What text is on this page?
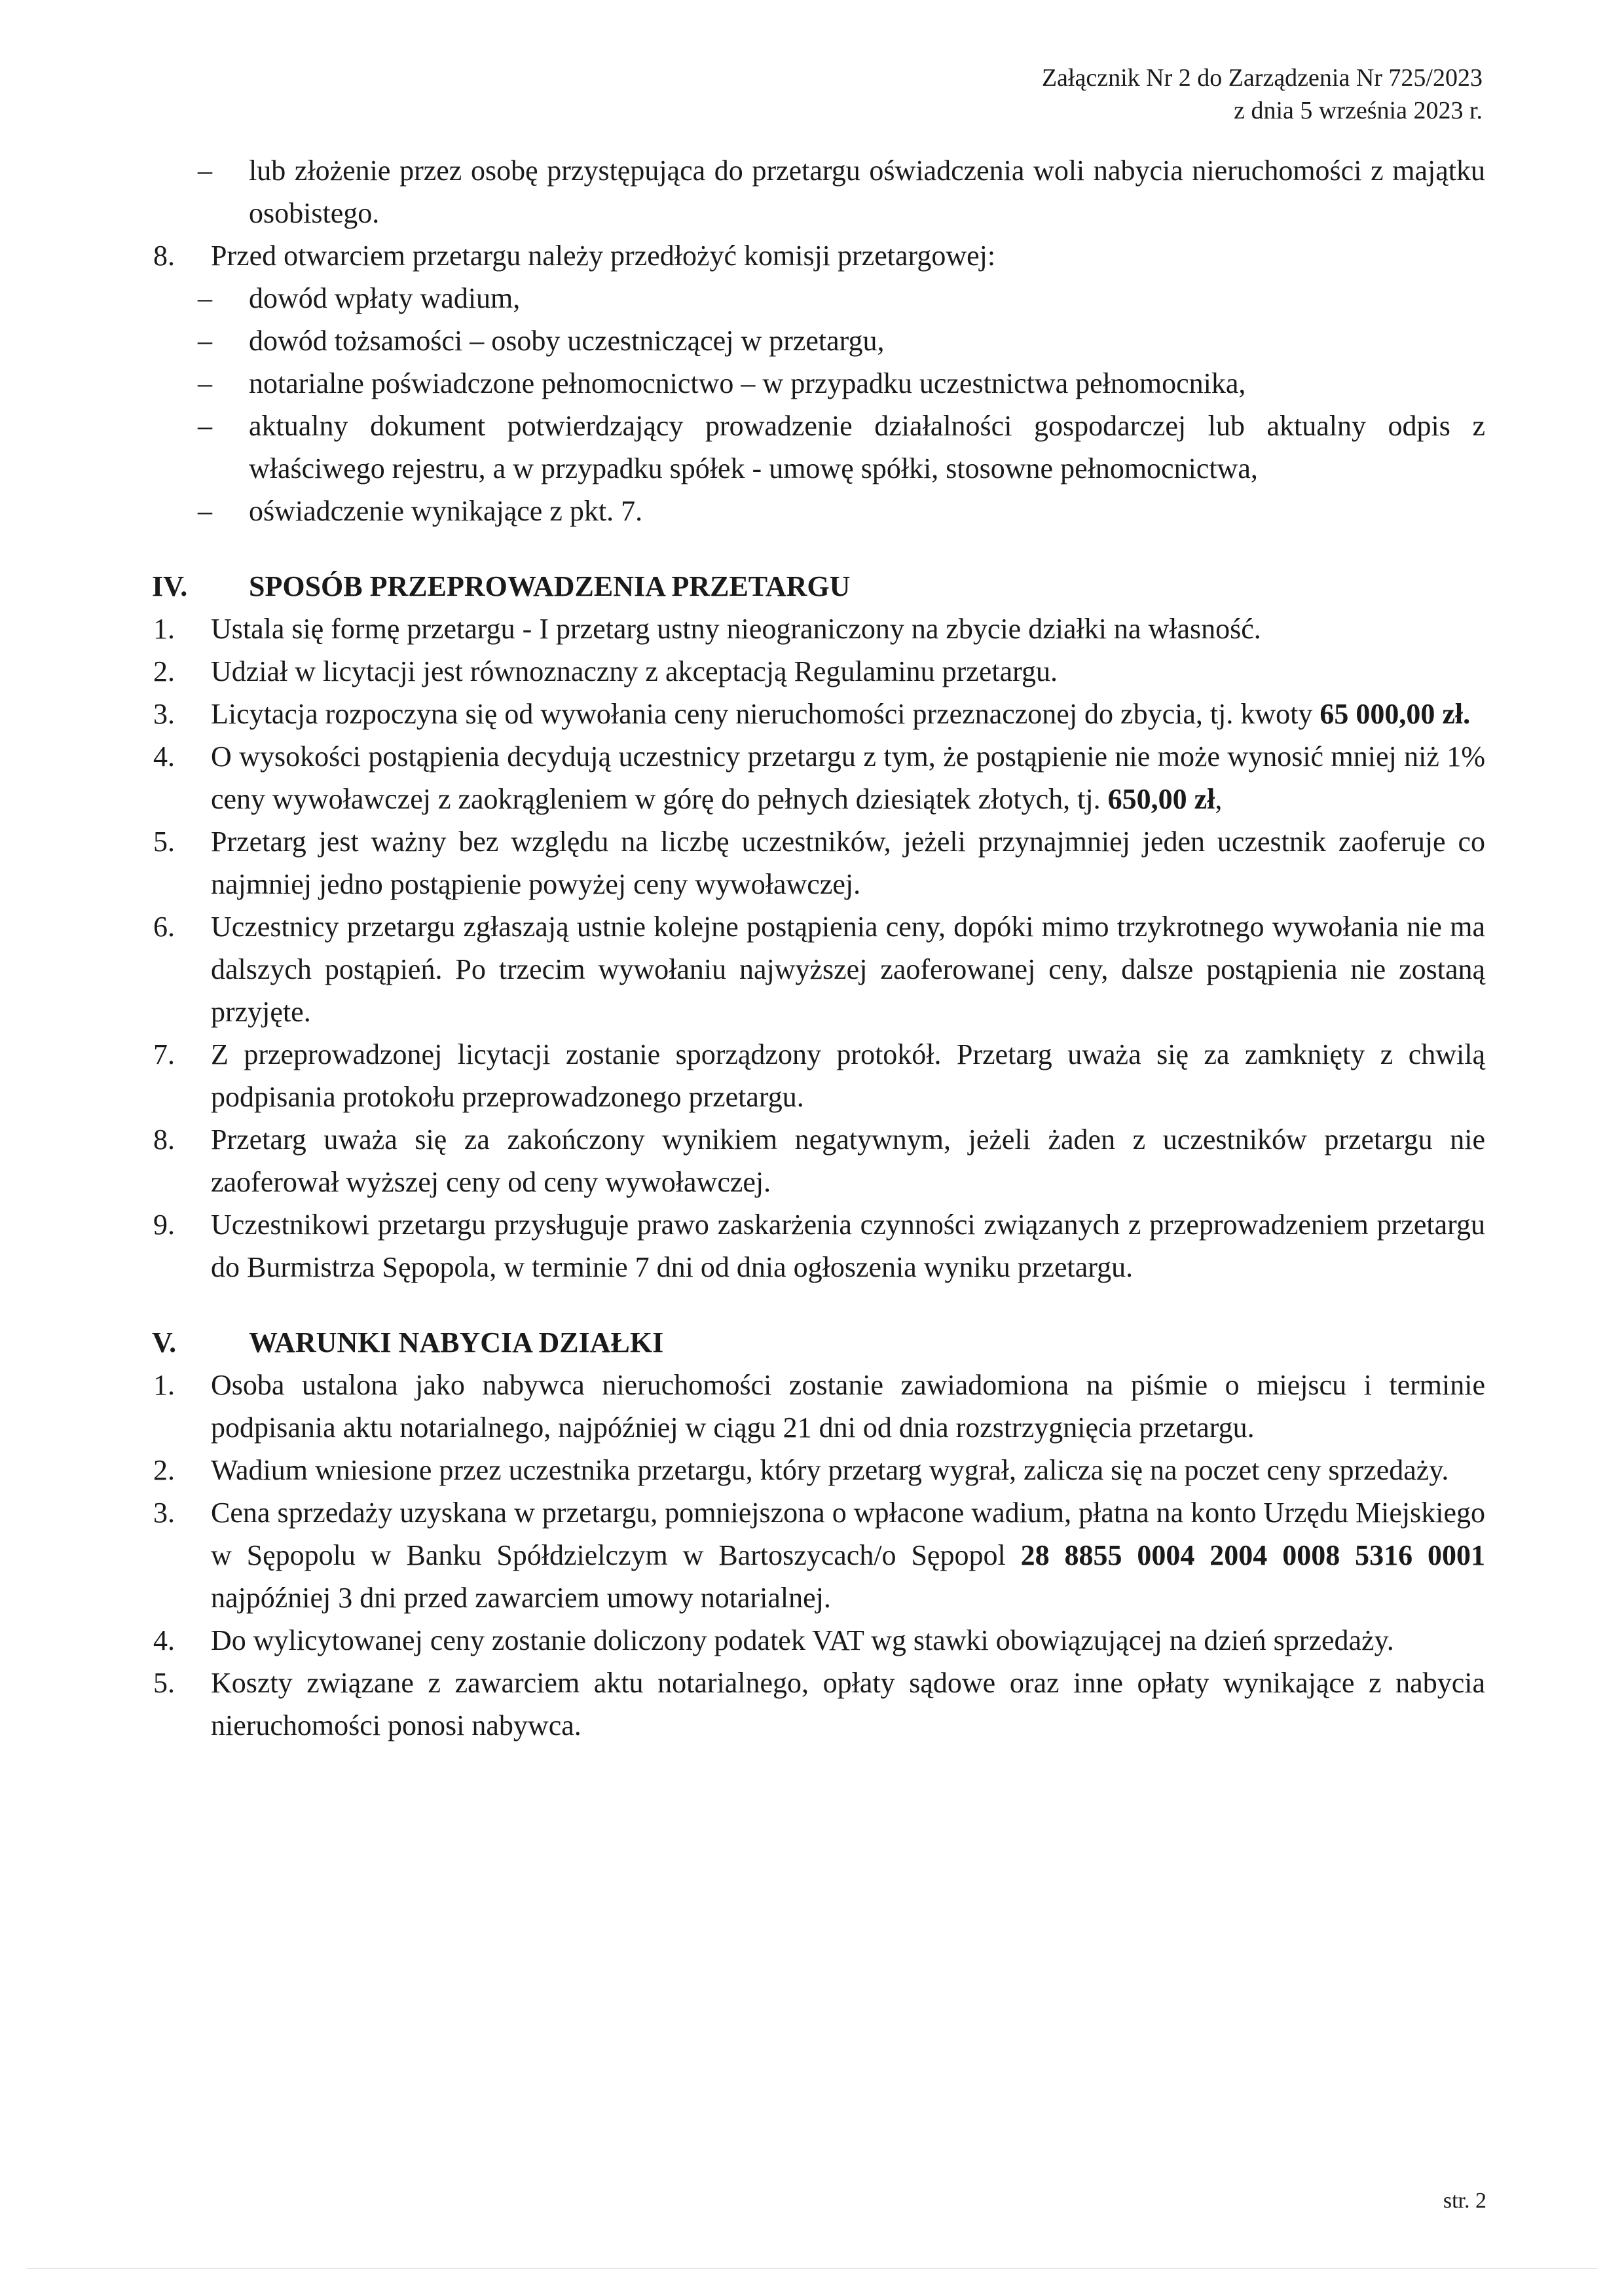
Załącznik Nr 2 do Zarządzenia Nr 725/2023
z dnia 5 września 2023 r.
– lub złożenie przez osobę przystępująca do przetargu oświadczenia woli nabycia nieruchomości z majątku osobistego.
8. Przed otwarciem przetargu należy przedłożyć komisji przetargowej:
– dowód wpłaty wadium,
– dowód tożsamości – osoby uczestniczącej w przetargu,
– notarialne poświadczone pełnomocnictwo – w przypadku uczestnictwa pełnomocnika,
– aktualny dokument potwierdzający prowadzenie działalności gospodarczej lub aktualny odpis z właściwego rejestru, a w przypadku spółek - umowę spółki, stosowne pełnomocnictwa,
– oświadczenie wynikające z pkt. 7.
IV. SPOSÓB PRZEPROWADZENIA PRZETARGU
1. Ustala się formę przetargu - I przetarg ustny nieograniczony na zbycie działki na własność.
2. Udział w licytacji jest równoznaczny z akceptacją Regulaminu przetargu.
3. Licytacja rozpoczyna się od wywołania ceny nieruchomości przeznaczonej do zbycia, tj. kwoty 65 000,00 zł.
4. O wysokości postąpienia decydują uczestnicy przetargu z tym, że postąpienie nie może wynosić mniej niż 1% ceny wywoławczej z zaokrągleniem w górę do pełnych dziesiątek złotych, tj. 650,00 zł,
5. Przetarg jest ważny bez względu na liczbę uczestników, jeżeli przynajmniej jeden uczestnik zaoferuje co najmniej jedno postąpienie powyżej ceny wywoławczej.
6. Uczestnicy przetargu zgłaszają ustnie kolejne postąpienia ceny, dopóki mimo trzykrotnego wywołania nie ma dalszych postąpień. Po trzecim wywołaniu najwyższej zaoferowanej ceny, dalsze postąpienia nie zostaną przyjęte.
7. Z przeprowadzonej licytacji zostanie sporządzony protokół. Przetarg uważa się za zamknięty z chwilą podpisania protokołu przeprowadzonego przetargu.
8. Przetarg uważa się za zakończony wynikiem negatywnym, jeżeli żaden z uczestników przetargu nie zaoferował wyższej ceny od ceny wywoławczej.
9. Uczestnikowi przetargu przysługuje prawo zaskarżenia czynności związanych z przeprowadzeniem przetargu do Burmistrza Sępopola, w terminie 7 dni od dnia ogłoszenia wyniku przetargu.
V.	WARUNKI NABYCIA DZIAŁKI
1. Osoba ustalona jako nabywca nieruchomości zostanie zawiadomiona na piśmie o miejscu i terminie podpisania aktu notarialnego, najpóźniej w ciągu 21 dni od dnia rozstrzygnięcia przetargu.
2. Wadium wniesione przez uczestnika przetargu, który przetarg wygrał, zalicza się na poczet ceny sprzedaży.
3. Cena sprzedaży uzyskana w przetargu, pomniejszona o wpłacone wadium, płatna na konto Urzędu Miejskiego w Sępopolu w Banku Spółdzielczym w Bartoszycach/o Sępopol 28 8855 0004 2004 0008 5316 0001 najpóźniej 3 dni przed zawarciem umowy notarialnej.
4. Do wylicytowanej ceny zostanie doliczony podatek VAT wg stawki obowiązującej na dzień sprzedaży.
5. Koszty związane z zawarciem aktu notarialnego, opłaty sądowe oraz inne opłaty wynikające z nabycia nieruchomości ponosi nabywca.
str. 2
